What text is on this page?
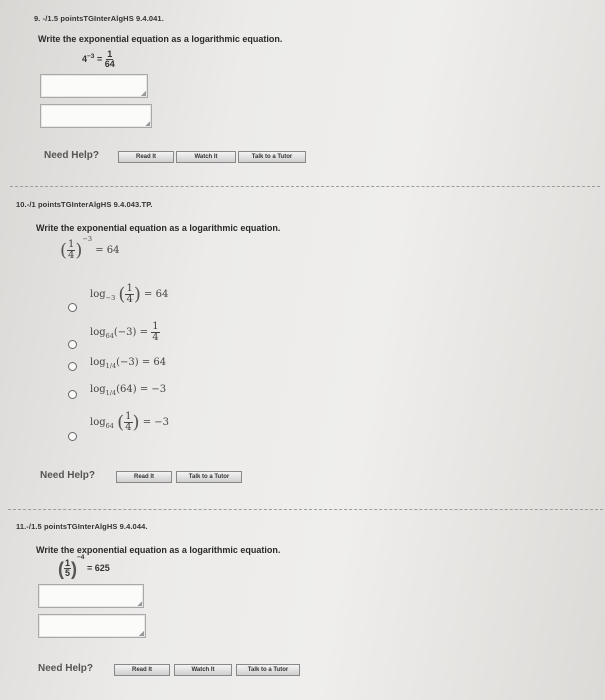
9. -/1.5 pointsTGInterAlgHS 9.4.041.
Write the exponential equation as a logarithmic equation.
$4^{-3} = \frac{1}{64}$
Need Help?	Read It	Watch It	Talk to a Tutor
10.-/1 pointsTGInterAlgHS 9.4.043.TP.
Write the exponential equation as a logarithmic equation.
( $\frac{1}{4} )^{-3} = 64$
$\log_{-3}$ ( $\frac{1}{4}$ ) = 64
$\log_{64}(-3) = \frac{1}{4}$
$\log_{1/4}(-3) = 64$
$\log_{1/4}(64) = -3$
$\log_{64}$ ( $\frac{1}{4}$ ) = −3
Need Help?	Read It	Talk to a Tutor
11.-/1.5 pointsTGInterAlgHS 9.4.044.
Write the exponential equation as a logarithmic equation.
( $\frac{1}{5} )^{-4} = 625$
Need Help?	Read It	Watch It	Talk to a Tutor
